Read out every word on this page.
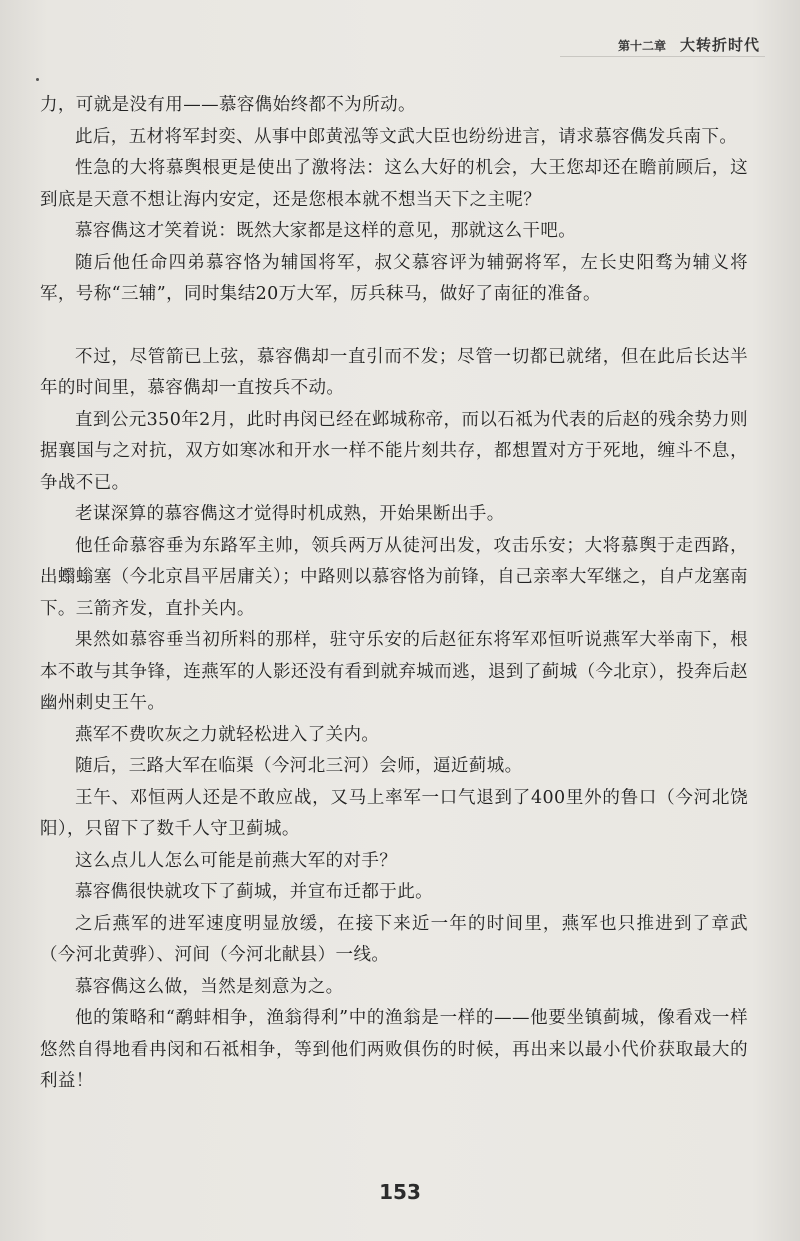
第十二章 大转折时代

力，可就是没有用——慕容儁始终都不为所动。

此后，五材将军封奕、从事中郎黄泓等文武大臣也纷纷进言，请求慕容儁发兵南下。

性急的大将慕舆根更是使出了激将法：这么大好的机会，大王您却还在瞻前顾后，这到底是天意不想让海内安定，还是您根本就不想当天下之主呢？

慕容儁这才笑着说：既然大家都是这样的意见，那就这么干吧。

随后他任命四弟慕容恪为辅国将军，叔父慕容评为辅弼将军，左长史阳骛为辅义将军，号称“三辅”，同时集结20万大军，厉兵秣马，做好了南征的准备。

不过，尽管箭已上弦，慕容儁却一直引而不发；尽管一切都已就绪，但在此后长达半年的时间里，慕容儁却一直按兵不动。

直到公元350年2月，此时冉闵已经在邺城称帝，而以石祗为代表的后赵的残余势力则据襄国与之对抗，双方如寒冰和开水一样不能片刻共存，都想置对方于死地，缠斗不息，争战不已。

老谋深算的慕容儁这才觉得时机成熟，开始果断出手。

他任命慕容垂为东路军主帅，领兵两万从徒河出发，攻击乐安；大将慕舆于走西路，出蠮螉塞（今北京昌平居庸关）；中路则以慕容恪为前锋，自己亲率大军继之，自卢龙塞南下。三箭齐发，直扑关内。

果然如慕容垂当初所料的那样，驻守乐安的后赵征东将军邓恒听说燕军大举南下，根本不敢与其争锋，连燕军的人影还没有看到就弃城而逃，退到了蓟城（今北京），投奔后赵幽州刺史王午。

燕军不费吹灰之力就轻松进入了关内。

随后，三路大军在临渠（今河北三河）会师，逼近蓟城。

王午、邓恒两人还是不敢应战，又马上率军一口气退到了400里外的鲁口（今河北饶阳），只留下了数千人守卫蓟城。

这么点儿人怎么可能是前燕大军的对手？

慕容儁很快就攻下了蓟城，并宣布迁都于此。

之后燕军的进军速度明显放缓，在接下来近一年的时间里，燕军也只推进到了章武（今河北黄骅）、河间（今河北献县）一线。

慕容儁这么做，当然是刻意为之。

他的策略和“鹬蚌相争，渔翁得利”中的渔翁是一样的——他要坐镇蓟城，像看戏一样悠然自得地看冉闵和石祗相争，等到他们两败俱伤的时候，再出来以最小代价获取最大的利益！

153
